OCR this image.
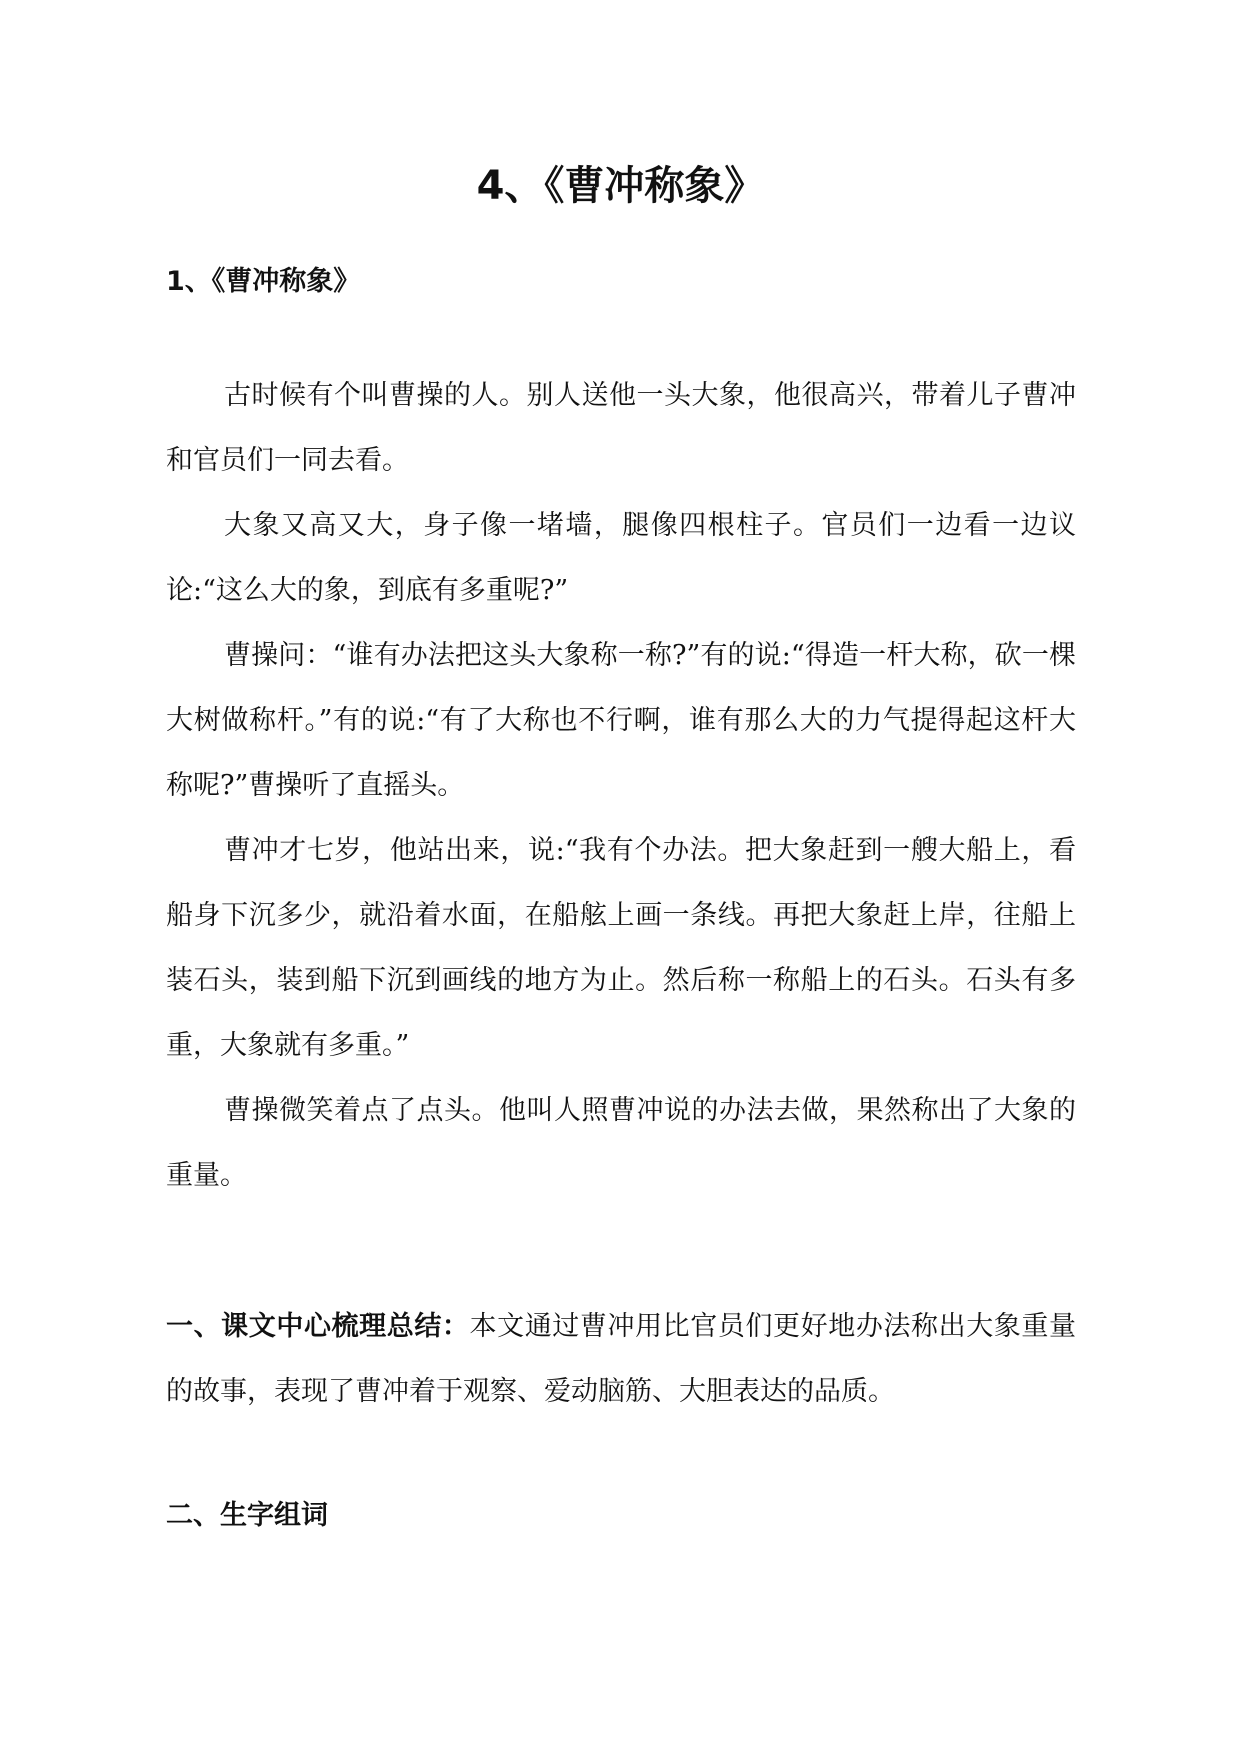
4、《曹冲称象》
1、《曹冲称象》

古时候有个叫曹操的人。别人送他一头大象，他很高兴，带着儿子曹冲和官员们一同去看。

大象又高又大，身子像一堵墙，腿像四根柱子。官员们一边看一边议论:“这么大的象，到底有多重呢?”

曹操问：“谁有办法把这头大象称一称?”有的说:“得造一杆大称，砍一棵大树做称杆。”有的说:“有了大称也不行啊，谁有那么大的力气提得起这杆大称呢?”曹操听了直摇头。

曹冲才七岁，他站出来，说:“我有个办法。把大象赶到一艘大船上，看船身下沉多少，就沿着水面，在船舷上画一条线。再把大象赶上岸，往船上装石头，装到船下沉到画线的地方为止。然后称一称船上的石头。石头有多重，大象就有多重。”

曹操微笑着点了点头。他叫人照曹冲说的办法去做，果然称出了大象的重量。

一、课文中心梳理总结：本文通过曹冲用比官员们更好地办法称出大象重量的故事，表现了曹冲着于观察、爱动脑筋、大胆表达的品质。
二、生字组词
